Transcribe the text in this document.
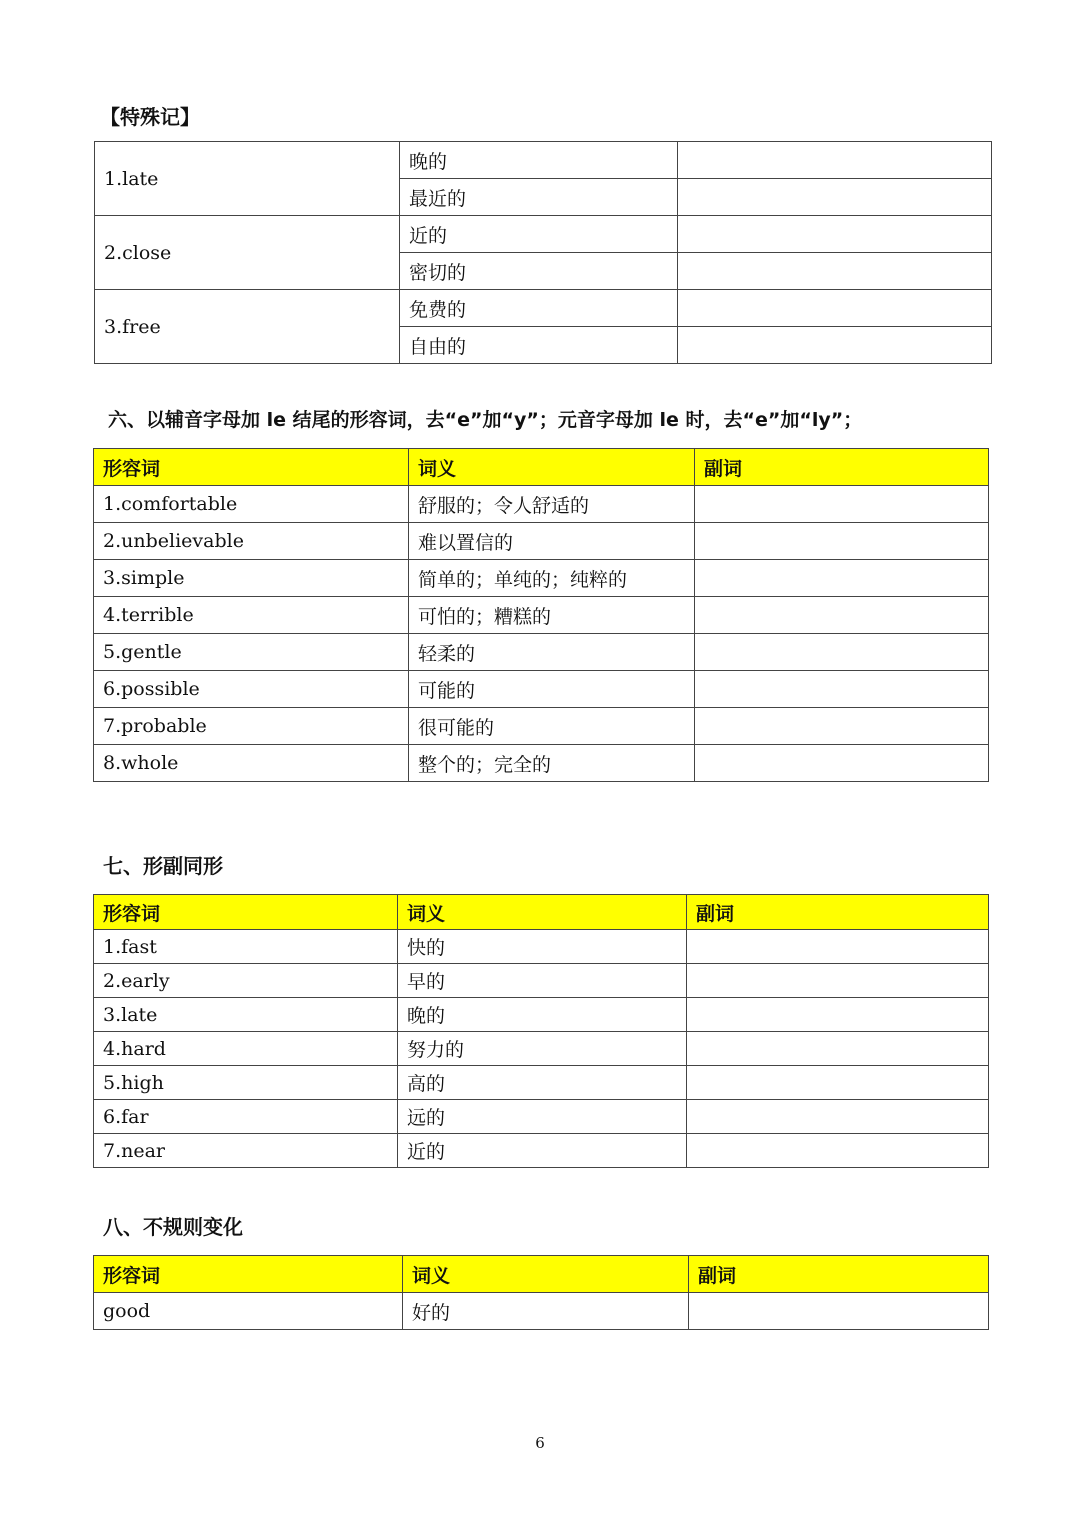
【特殊记】
1.late	晚的	
	最近的	
2.close	近的	
	密切的	
3.free	免费的	
	自由的	
六、以辅音字母加 le 结尾的形容词，去“e”加“y”；元音字母加 le 时，去“e”加“ly”；
形容词	词义	副词
1.comfortable	舒服的；令人舒适的	
2.unbelievable	难以置信的	
3.simple	简单的；单纯的；纯粹的	
4.terrible	可怕的；糟糕的	
5.gentle	轻柔的	
6.possible	可能的	
7.probable	很可能的	
8.whole	整个的；完全的	
七、形副同形
形容词	词义	副词
1.fast	快的	
2.early	早的	
3.late	晚的	
4.hard	努力的	
5.high	高的	
6.far	远的	
7.near	近的	
八、不规则变化
形容词	词义	副词
good	好的	
6
